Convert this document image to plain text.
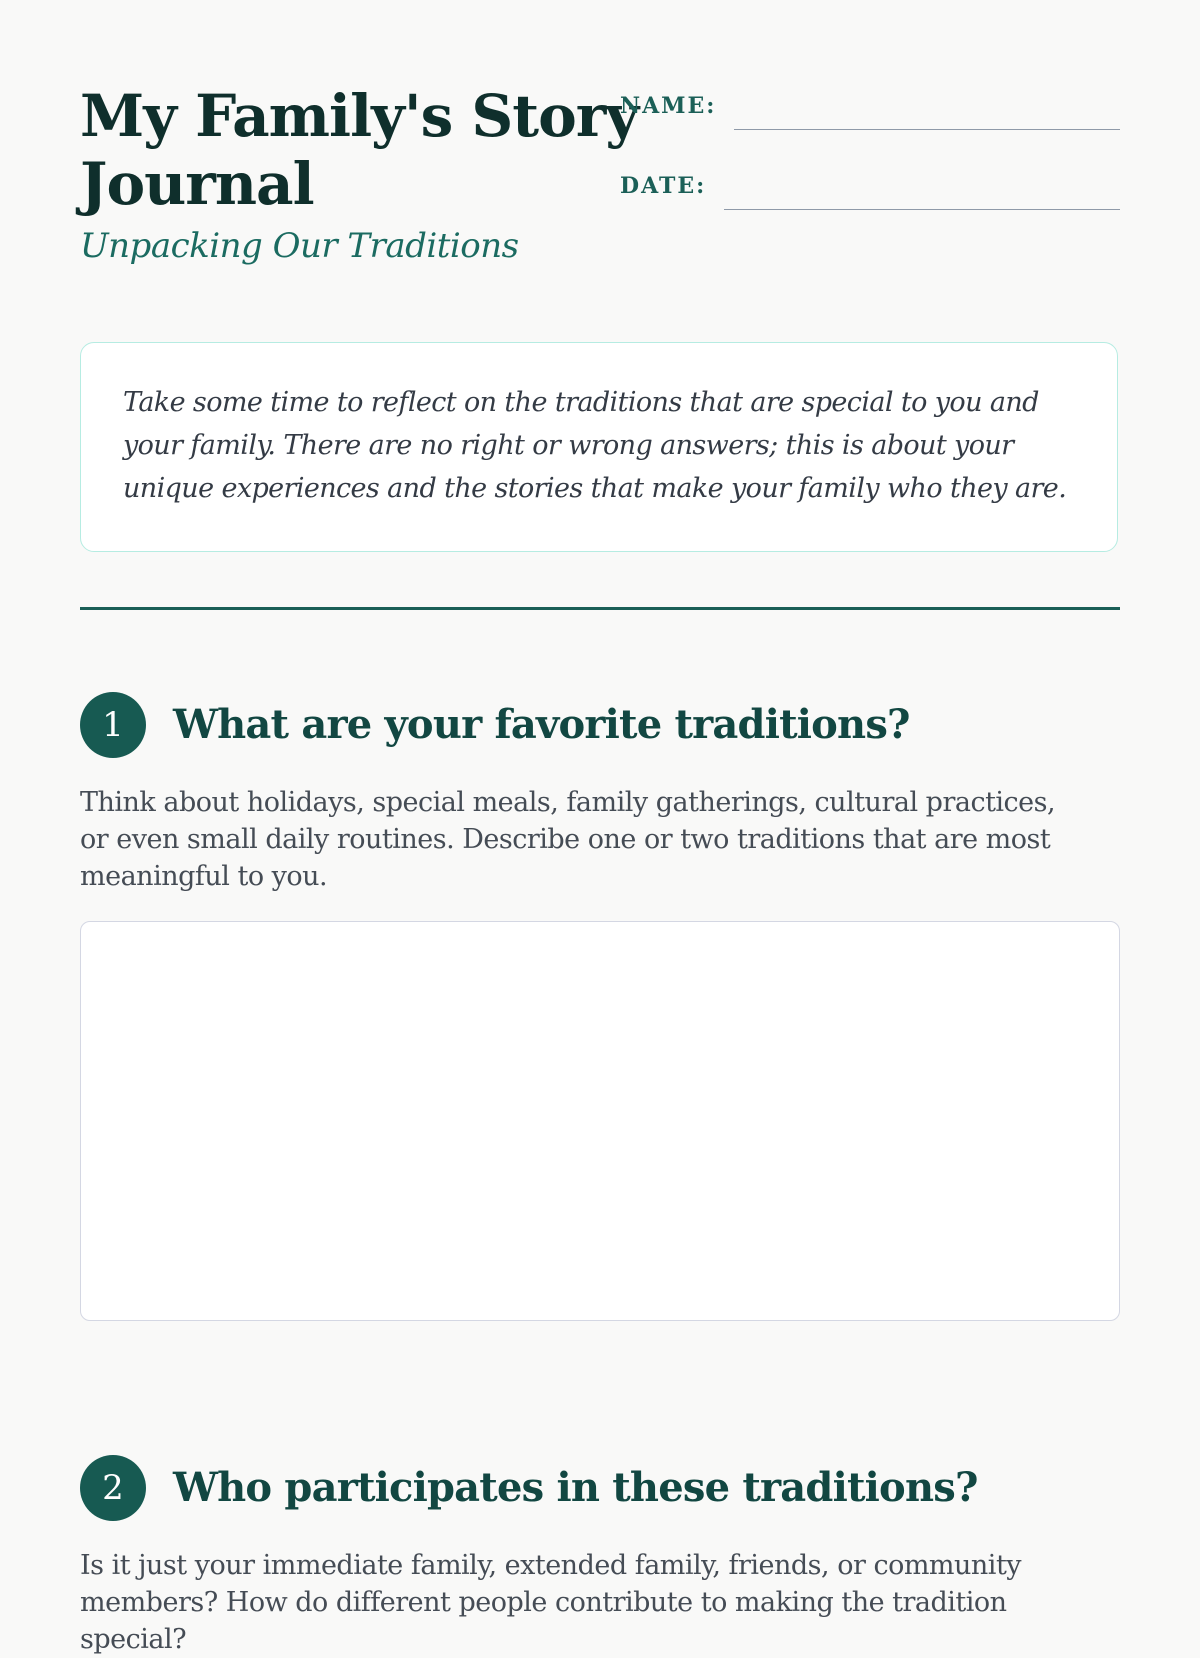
My Family's Story Journal

Unpacking Our Traditions

NAME:
DATE:

Take some time to reflect on the traditions that are special to you and your family. There are no right or wrong answers; this is about your unique experiences and the stories that make your family who they are.

1	What are your favorite traditions?

Think about holidays, special meals, family gatherings, cultural practices, or even small daily routines. Describe one or two traditions that are most meaningful to you.

2	Who participates in these traditions?

Is it just your immediate family, extended family, friends, or community members? How do different people contribute to making the tradition special?
